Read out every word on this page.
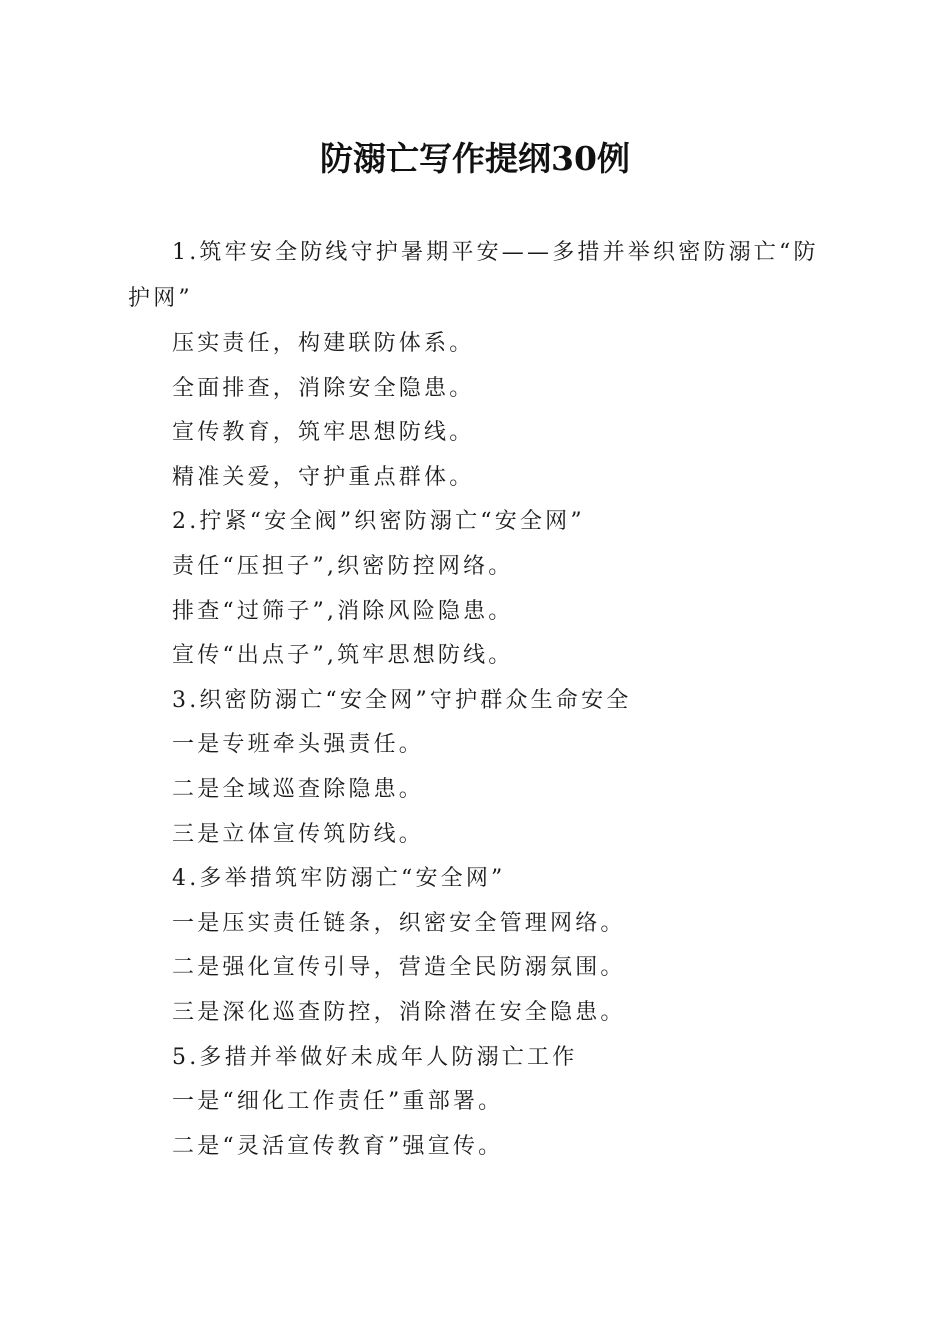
防溺亡写作提纲30例

1.筑牢安全防线守护暑期平安——多措并举织密防溺亡“防护网”

压实责任，构建联防体系。

全面排查，消除安全隐患。

宣传教育，筑牢思想防线。

精准关爱，守护重点群体。

2.拧紧“安全阀”织密防溺亡“安全网”

责任“压担子”,织密防控网络。

排查“过筛子”,消除风险隐患。

宣传“出点子”,筑牢思想防线。

3.织密防溺亡“安全网”守护群众生命安全

一是专班牵头强责任。

二是全域巡查除隐患。

三是立体宣传筑防线。

4.多举措筑牢防溺亡“安全网”

一是压实责任链条，织密安全管理网络。

二是强化宣传引导，营造全民防溺氛围。

三是深化巡查防控，消除潜在安全隐患。

5.多措并举做好未成年人防溺亡工作

一是“细化工作责任”重部署。

二是“灵活宣传教育”强宣传。
